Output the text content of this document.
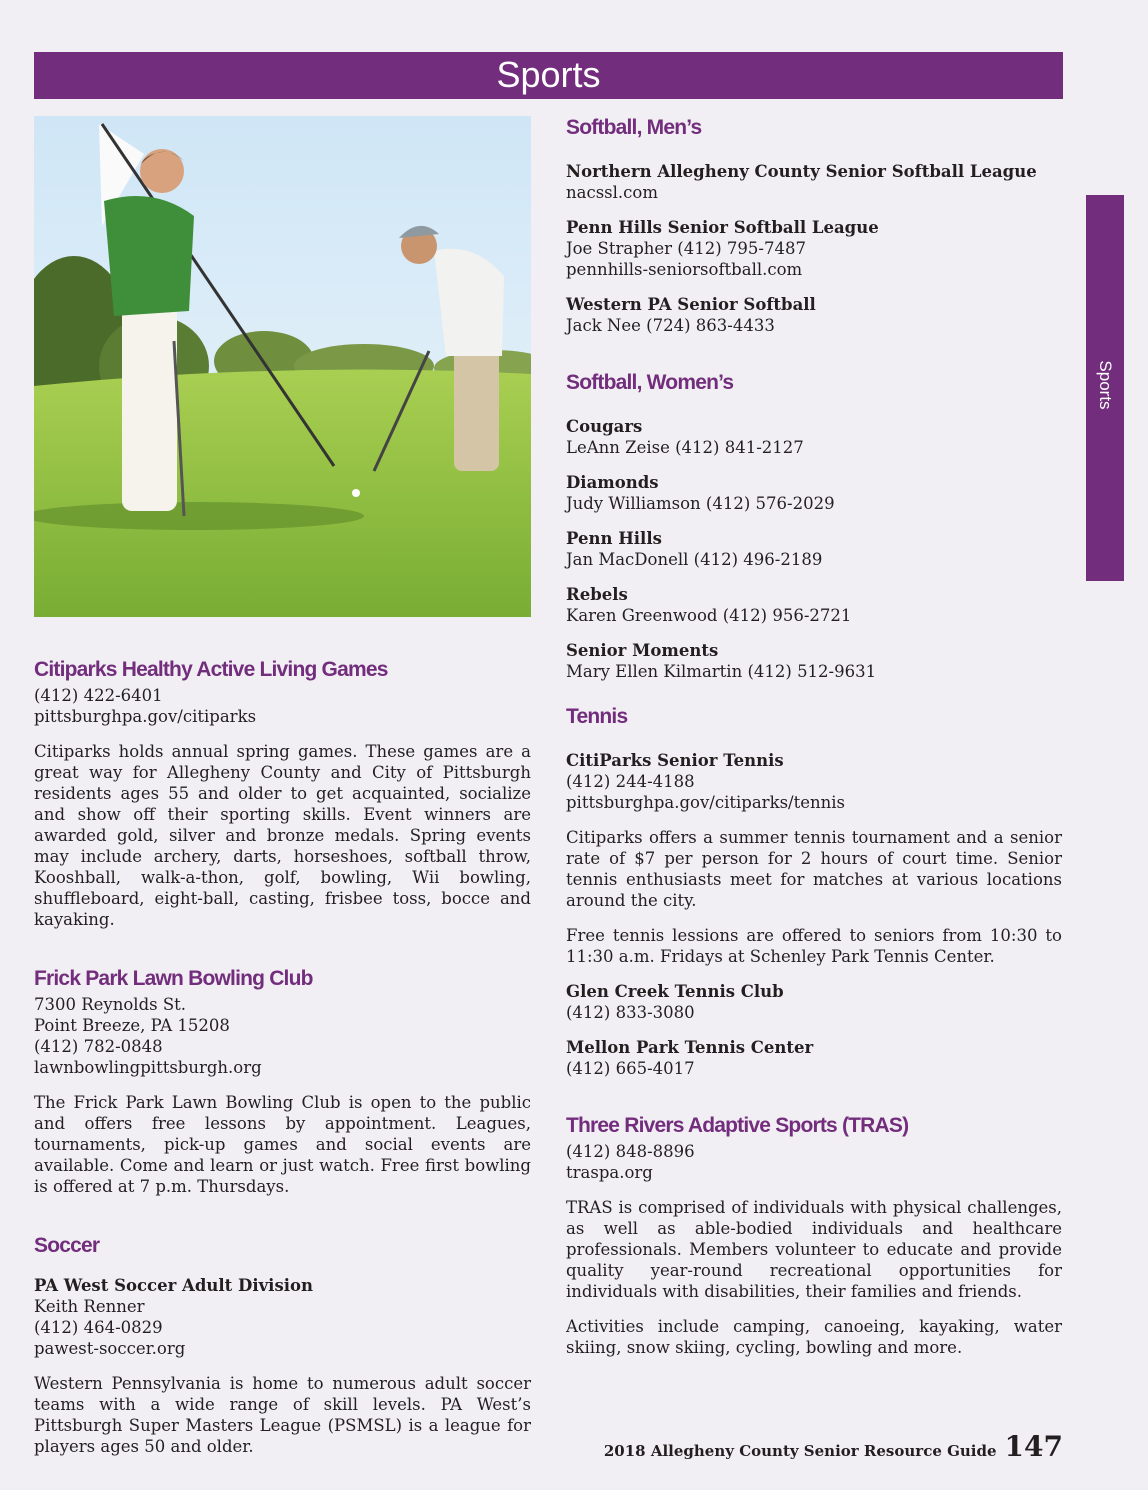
Sports
Sports
Citiparks Healthy Active Living Games
(412) 422-6401
pittsburghpa.gov/citiparks

Citiparks holds annual spring games. These games are a great way for Allegheny County and City of Pittsburgh residents ages 55 and older to get acquainted, socialize and show off their sporting skills. Event winners are awarded gold, silver and bronze medals. Spring events may include archery, darts, horseshoes, softball throw, Kooshball, walk-a-thon, golf, bowling, Wii bowling, shuffleboard, eight-ball, casting, frisbee toss, bocce and kayaking.

Frick Park Lawn Bowling Club
7300 Reynolds St.
Point Breeze, PA 15208
(412) 782-0848
lawnbowlingpittsburgh.org

The Frick Park Lawn Bowling Club is open to the public and offers free lessons by appointment. Leagues, tournaments, pick-up games and social events are available. Come and learn or just watch. Free first bowling is offered at 7 p.m. Thursdays.

Soccer
PA West Soccer Adult Division
Keith Renner
(412) 464-0829
pawest-soccer.org

Western Pennsylvania is home to numerous adult soccer teams with a wide range of skill levels. PA West’s Pittsburgh Super Masters League (PSMSL) is a league for players ages 50 and older.

Softball, Men’s
Northern Allegheny County Senior Softball League
nacssl.com
Penn Hills Senior Softball League
Joe Strapher (412) 795-7487
pennhills-seniorsoftball.com
Western PA Senior Softball
Jack Nee (724) 863-4433
Softball, Women’s
Cougars
LeAnn Zeise (412) 841-2127
Diamonds
Judy Williamson (412) 576-2029
Penn Hills
Jan MacDonell (412) 496-2189
Rebels
Karen Greenwood (412) 956-2721
Senior Moments
Mary Ellen Kilmartin (412) 512-9631
Tennis
CitiParks Senior Tennis
(412) 244-4188
pittsburghpa.gov/citiparks/tennis

Citiparks offers a summer tennis tournament and a senior rate of $7 per person for 2 hours of court time. Senior tennis enthusiasts meet for matches at various locations around the city.

Free tennis lessions are offered to seniors from 10:30 to 11:30 a.m. Fridays at Schenley Park Tennis Center.

Glen Creek Tennis Club
(412) 833-3080
Mellon Park Tennis Center
(412) 665-4017
Three Rivers Adaptive Sports (TRAS)
(412) 848-8896
traspa.org

TRAS is comprised of individuals with physical challenges, as well as able-bodied individuals and healthcare professionals. Members volunteer to educate and provide quality year-round recreational opportunities for individuals with disabilities, their families and friends.

Activities include camping, canoeing, kayaking, water skiing, snow skiing, cycling, bowling and more.

2018 Allegheny County Senior Resource Guide 147
